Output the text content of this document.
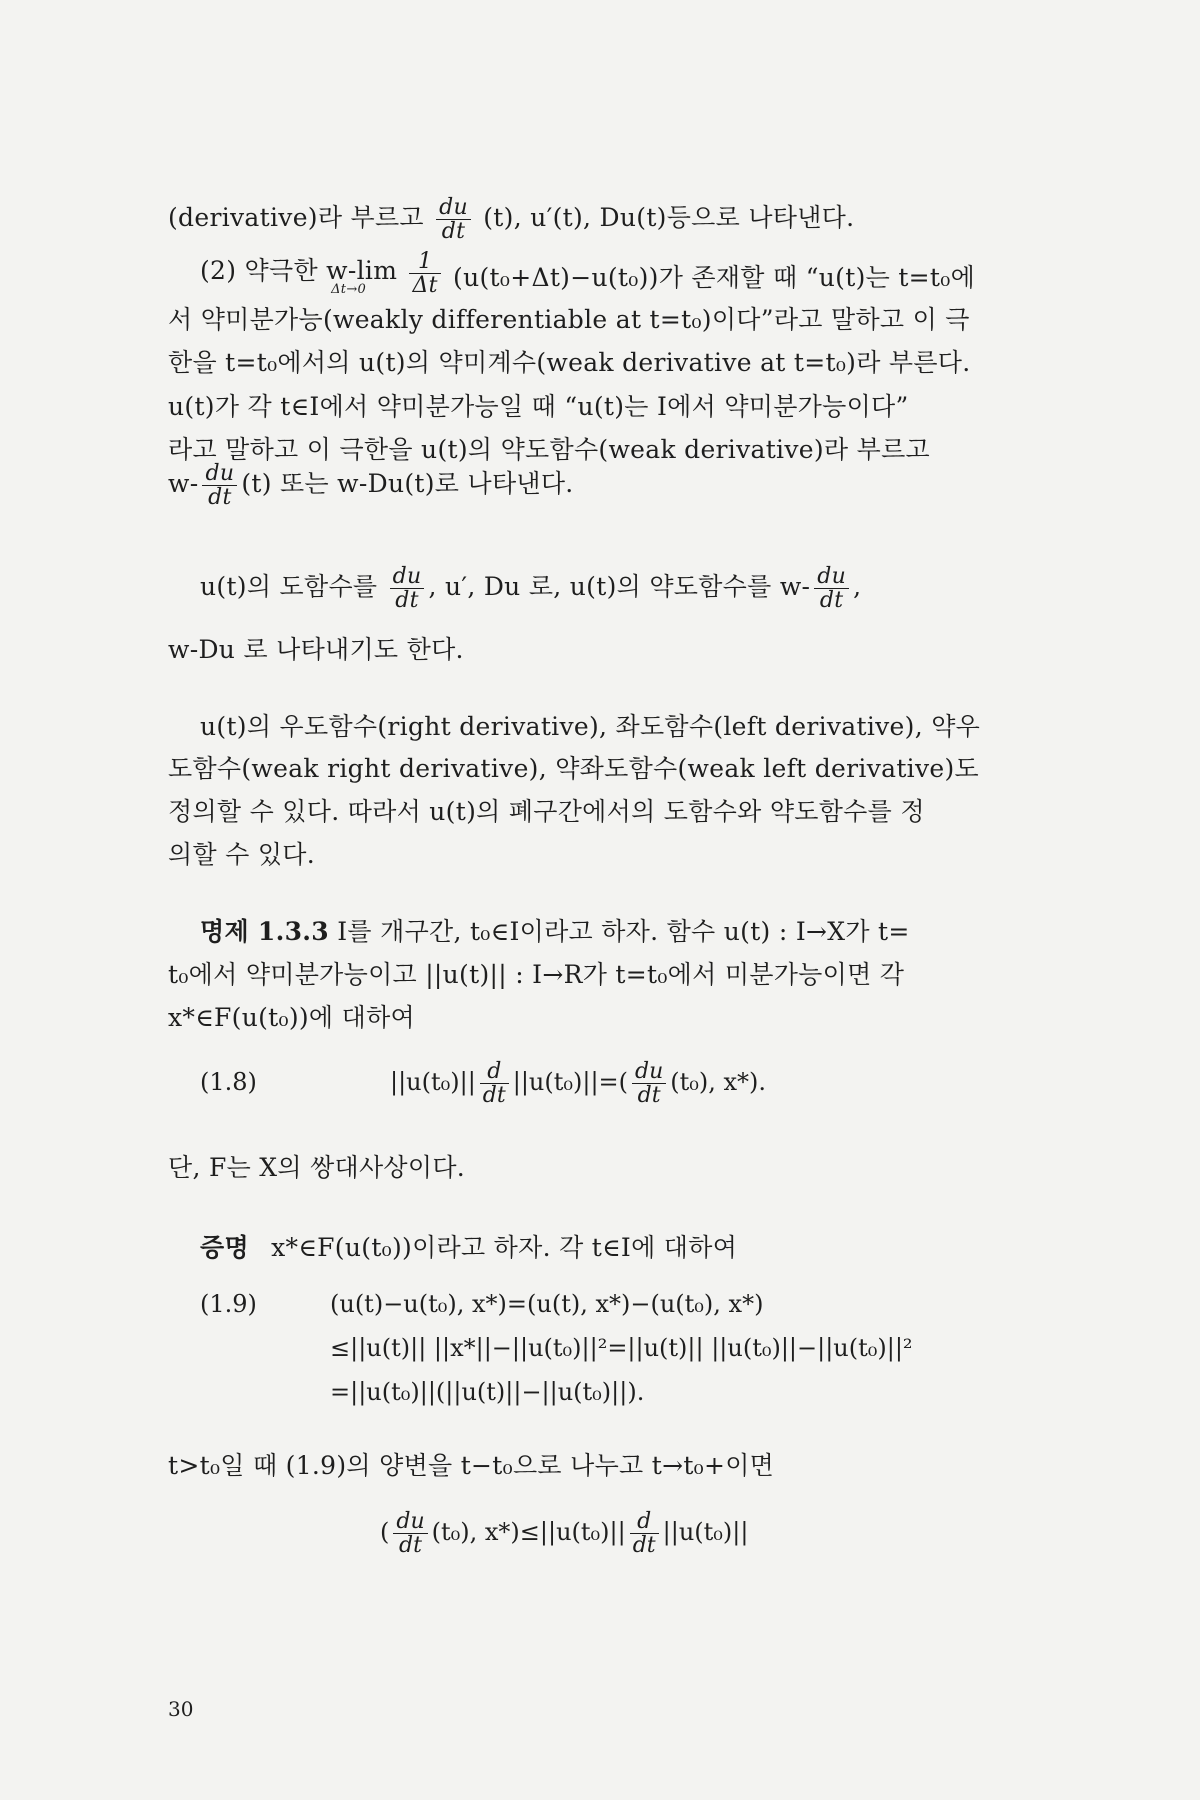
(derivative)라 부르고 $\frac{du}{dt} (t)$, u′(t), Du(t)등으로 나타낸다.
(2) 약극한 w-lim
Δt→0
	$\frac{1}{\Delta t} (u(t_0+\Delta t)-u(t_0))$가 존재할 때 “u(t)는 t=t₀에
서 약미분가능(weakly differentiable at t=t₀)이다”라고 말하고 이 극
한을 t=t₀에서의 u(t)의 약미계수(weak derivative at t=t₀)라 부른다.
u(t)가 각 t∈I에서 약미분가능일 때 “u(t)는 I에서 약미분가능이다”
라고 말하고 이 극한을 u(t)의 약도함수(weak derivative)라 부르고
$w- \frac{du}{dt} (t)$ 또는 w-Du(t)로 나타낸다.
u(t)의 도함수를 $\frac{du}{dt}$ , u′, Du 로, u(t)의 약도함수를 $w- \frac{du}{dt}$ ,
w-Du 로 나타내기도 한다.
u(t)의 우도함수(right derivative), 좌도함수(left derivative), 약우
도함수(weak right derivative), 약좌도함수(weak left derivative)도
정의할 수 있다. 따라서 u(t)의 폐구간에서의 도함수와 약도함수를 정
의할 수 있다.
명제 1.3.3 I를 개구간, t₀∈I이라고 하자. 함수 u(t) : I→X가 t=
t₀에서 약미분가능이고 ||u(t)|| : I→R가 t=t₀에서 미분가능이면 각
x*∈F(u(t₀))에 대하여
(1.8)	$||u(t_0)|| \frac{d}{dt} ||u(t_0)||=( \frac{du}{dt} (t_0)$, x*).
단, F는 X의 쌍대사상이다.
증명 x*∈F(u(t₀))이라고 하자. 각 t∈I에 대하여
(1.9)	(u(t)−u(t₀), x*)=(u(t), x*)−(u(t₀), x*)
≤||u(t)|| ||x*||−||u(t₀)||²=||u(t)|| ||u(t₀)||−||u(t₀)||²
=||u(t₀)||(||u(t)||−||u(t₀)||).
t>t₀일 때 (1.9)의 양변을 t−t₀으로 나누고 t→t₀+이면
( $\frac{du}{dt} (t_0)$, $x*)\le||u(t_0)|| \frac{d}{dt} ||u(t_0)||$
30
